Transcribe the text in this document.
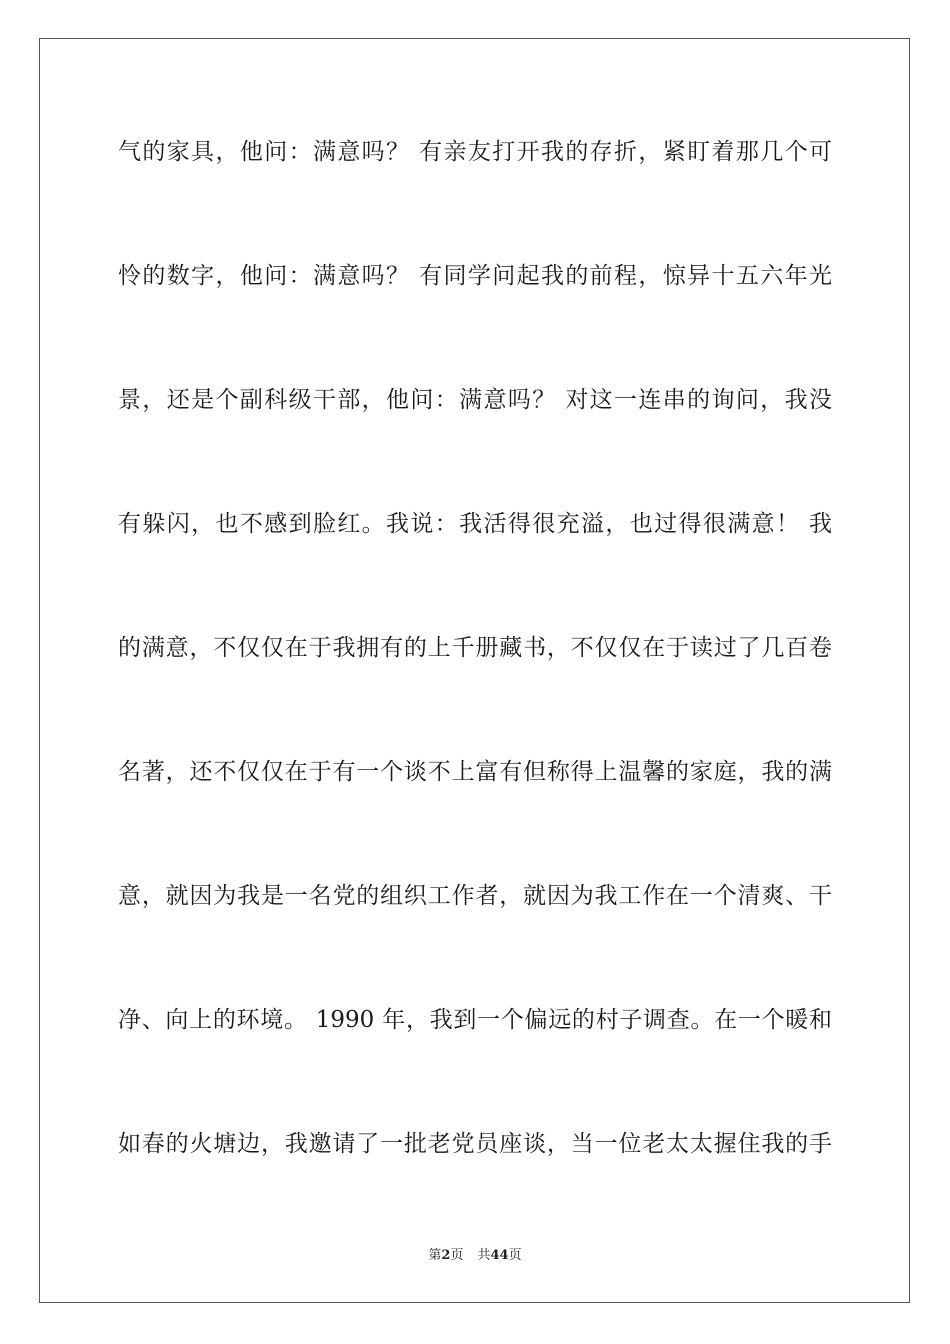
气的家具，他问：满意吗？ 有亲友打开我的存折，紧盯着那几个可

怜的数字，他问：满意吗？ 有同学问起我的前程，惊异十五六年光

景，还是个副科级干部，他问：满意吗？ 对这一连串的询问，我没

有躲闪，也不感到脸红。我说：我活得很充溢，也过得很满意！ 我

的满意，不仅仅在于我拥有的上千册藏书，不仅仅在于读过了几百卷

名著，还不仅仅在于有一个谈不上富有但称得上温馨的家庭，我的满

意，就因为我是一名党的组织工作者，就因为我工作在一个清爽、干

净、向上的环境。 1990 年，我到一个偏远的村子调查。在一个暖和

如春的火塘边，我邀请了一批老党员座谈，当一位老太太握住我的手

第2页 共44页
